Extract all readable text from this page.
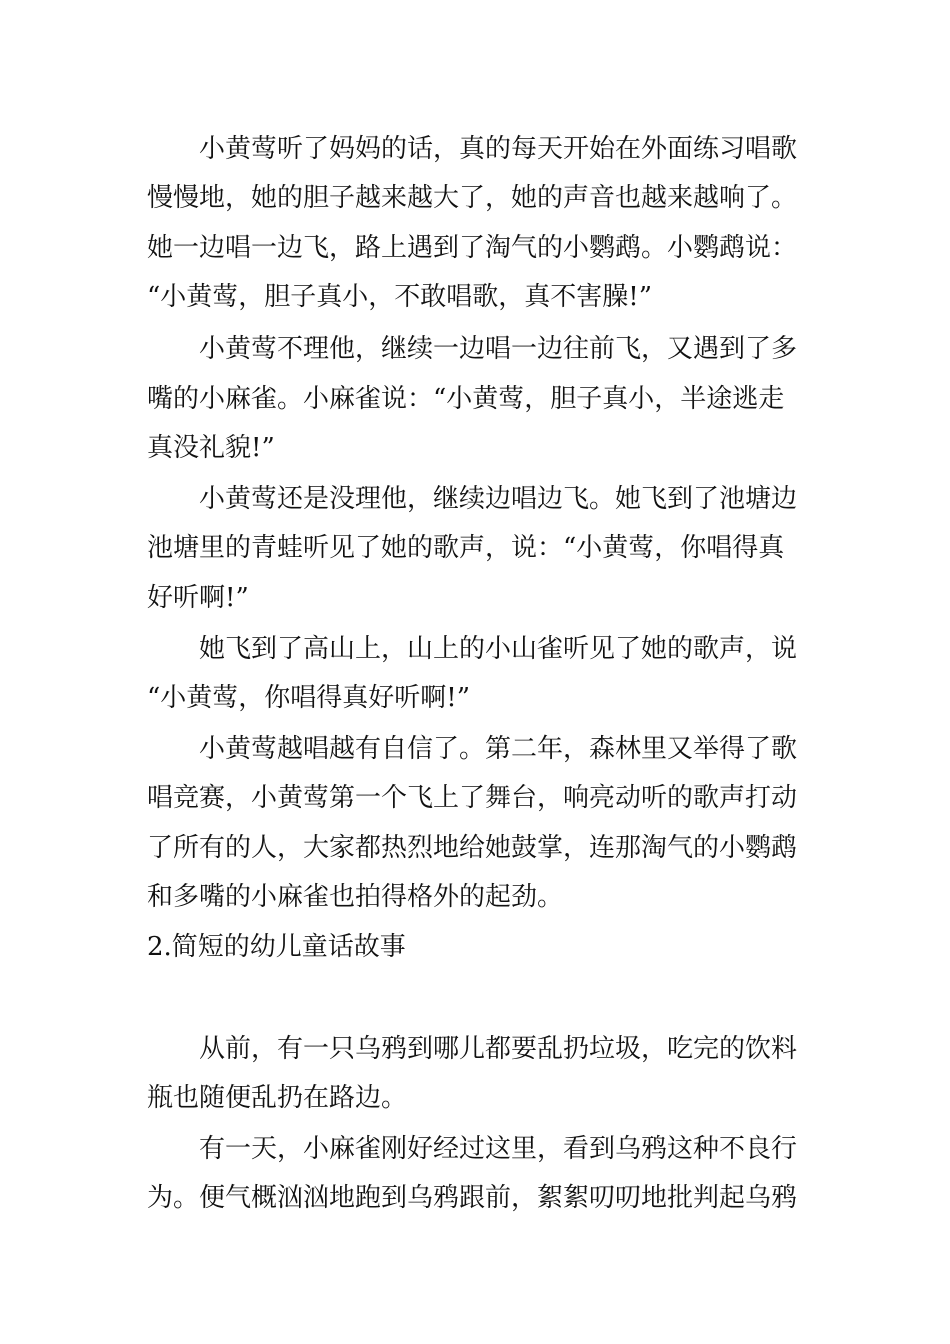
小黄莺听了妈妈的话，真的每天开始在外面练习唱歌
慢慢地，她的胆子越来越大了，她的声音也越来越响了。
她一边唱一边飞，路上遇到了淘气的小鹦鹉。小鹦鹉说：
“小黄莺，胆子真小，不敢唱歌，真不害臊!”
小黄莺不理他，继续一边唱一边往前飞，又遇到了多
嘴的小麻雀。小麻雀说：“小黄莺，胆子真小，半途逃走
真没礼貌!”
小黄莺还是没理他，继续边唱边飞。她飞到了池塘边
池塘里的青蛙听见了她的歌声，说：“小黄莺，你唱得真
好听啊!”
她飞到了高山上，山上的小山雀听见了她的歌声，说
“小黄莺，你唱得真好听啊!”
小黄莺越唱越有自信了。第二年，森林里又举得了歌
唱竞赛，小黄莺第一个飞上了舞台，响亮动听的歌声打动
了所有的人，大家都热烈地给她鼓掌，连那淘气的小鹦鹉
和多嘴的小麻雀也拍得格外的起劲。
2.简短的幼儿童话故事
从前，有一只乌鸦到哪儿都要乱扔垃圾，吃完的饮料
瓶也随便乱扔在路边。
有一天，小麻雀刚好经过这里，看到乌鸦这种不良行
为。便气概汹汹地跑到乌鸦跟前，絮絮叨叨地批判起乌鸦
